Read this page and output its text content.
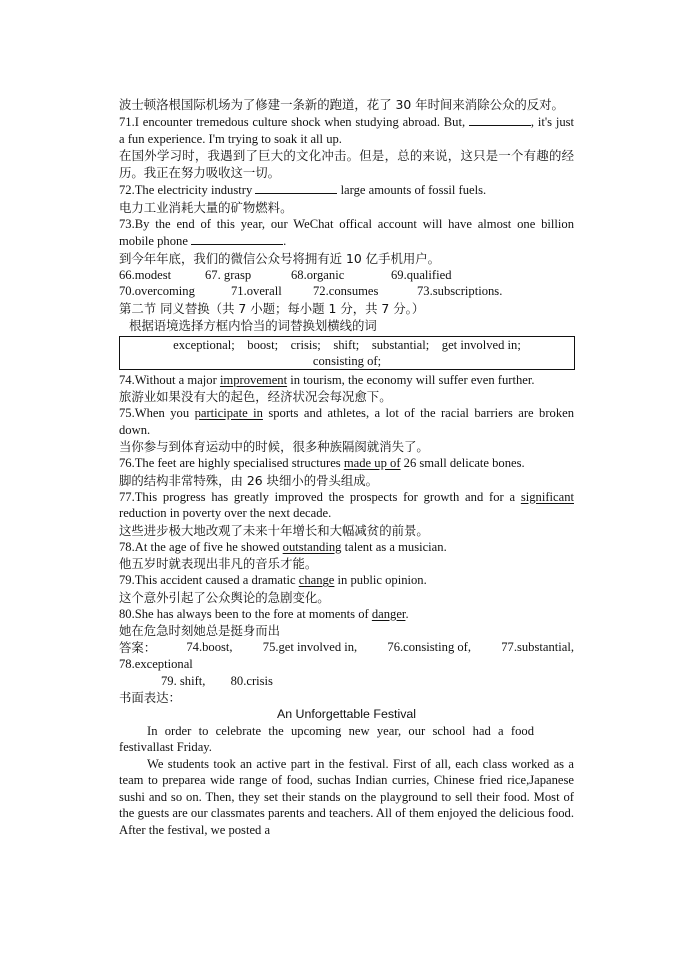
波士顿洛根国际机场为了修建一条新的跑道，花了 30 年时间来消除公众的反对。

71.I encounter tremedous culture shock when studying abroad. But,	, it's just a fun experience. I'm trying to soak it all up.

在国外学习时，我遇到了巨大的文化冲击。但是，总的来说，这只是一个有趣的经历。我正在努力吸收这一切。

72.The electricity industry	large amounts of fossil fuels.

电力工业消耗大量的矿物燃料。

73.By the end of this year, our WeChat offical account will have almost one billion mobile phone	.

到今年年底，我们的微信公众号将拥有近 10 亿手机用户。

66.modest	67. grasp	68.organic	69.qualified
70.overcoming	71.overall	72.consumes	73.subscriptions.

第二节 同义替换（共 7 小题；每小题 1 分，共 7 分。）

根据语境选择方框内恰当的词替换划横线的词

exceptional;    boost;    crisis;    shift;    substantial;    get involved in;
consisting of;

74.Without a major improvement in tourism, the economy will suffer even further.

旅游业如果没有大的起色，经济状况会每况愈下。

75.When you participate in sports and athletes, a lot of the racial barriers are broken down.

当你参与到体育运动中的时候，很多种族隔阂就消失了。

76.The feet are highly specialised structures made up of 26 small delicate bones.

脚的结构非常特殊，由 26 块细小的骨头组成。

77.This progress has greatly improved the prospects for growth and for a significant reduction in poverty over the next decade.

这些进步极大地改观了未来十年增长和大幅减贫的前景。

78.At the age of five he showed outstanding talent as a musician.

他五岁时就表现出非凡的音乐才能。

79.This accident caused a dramatic change in public opinion.

这个意外引起了公众舆论的急剧变化。

80.She has always been to the fore at moments of danger.

她在危急时刻她总是挺身而出

答案： 74.boost, 75.get involved in, 76.consisting of, 77.substantial,

78.exceptional

79. shift,        80.crisis

书面表达：

An Unforgettable Festival

In order to celebrate the upcoming new year, our school had a food festivallast Friday.

We students took an active part in the festival. First of all, each class worked as a team to preparea wide range of food, suchas Indian curries, Chinese fried rice,Japanese sushi and so on. Then, they set their stands on the playground to sell their food. Most of the guests are our classmates parents and teachers. All of them enjoyed the delicious food. After the festival, we posted a
